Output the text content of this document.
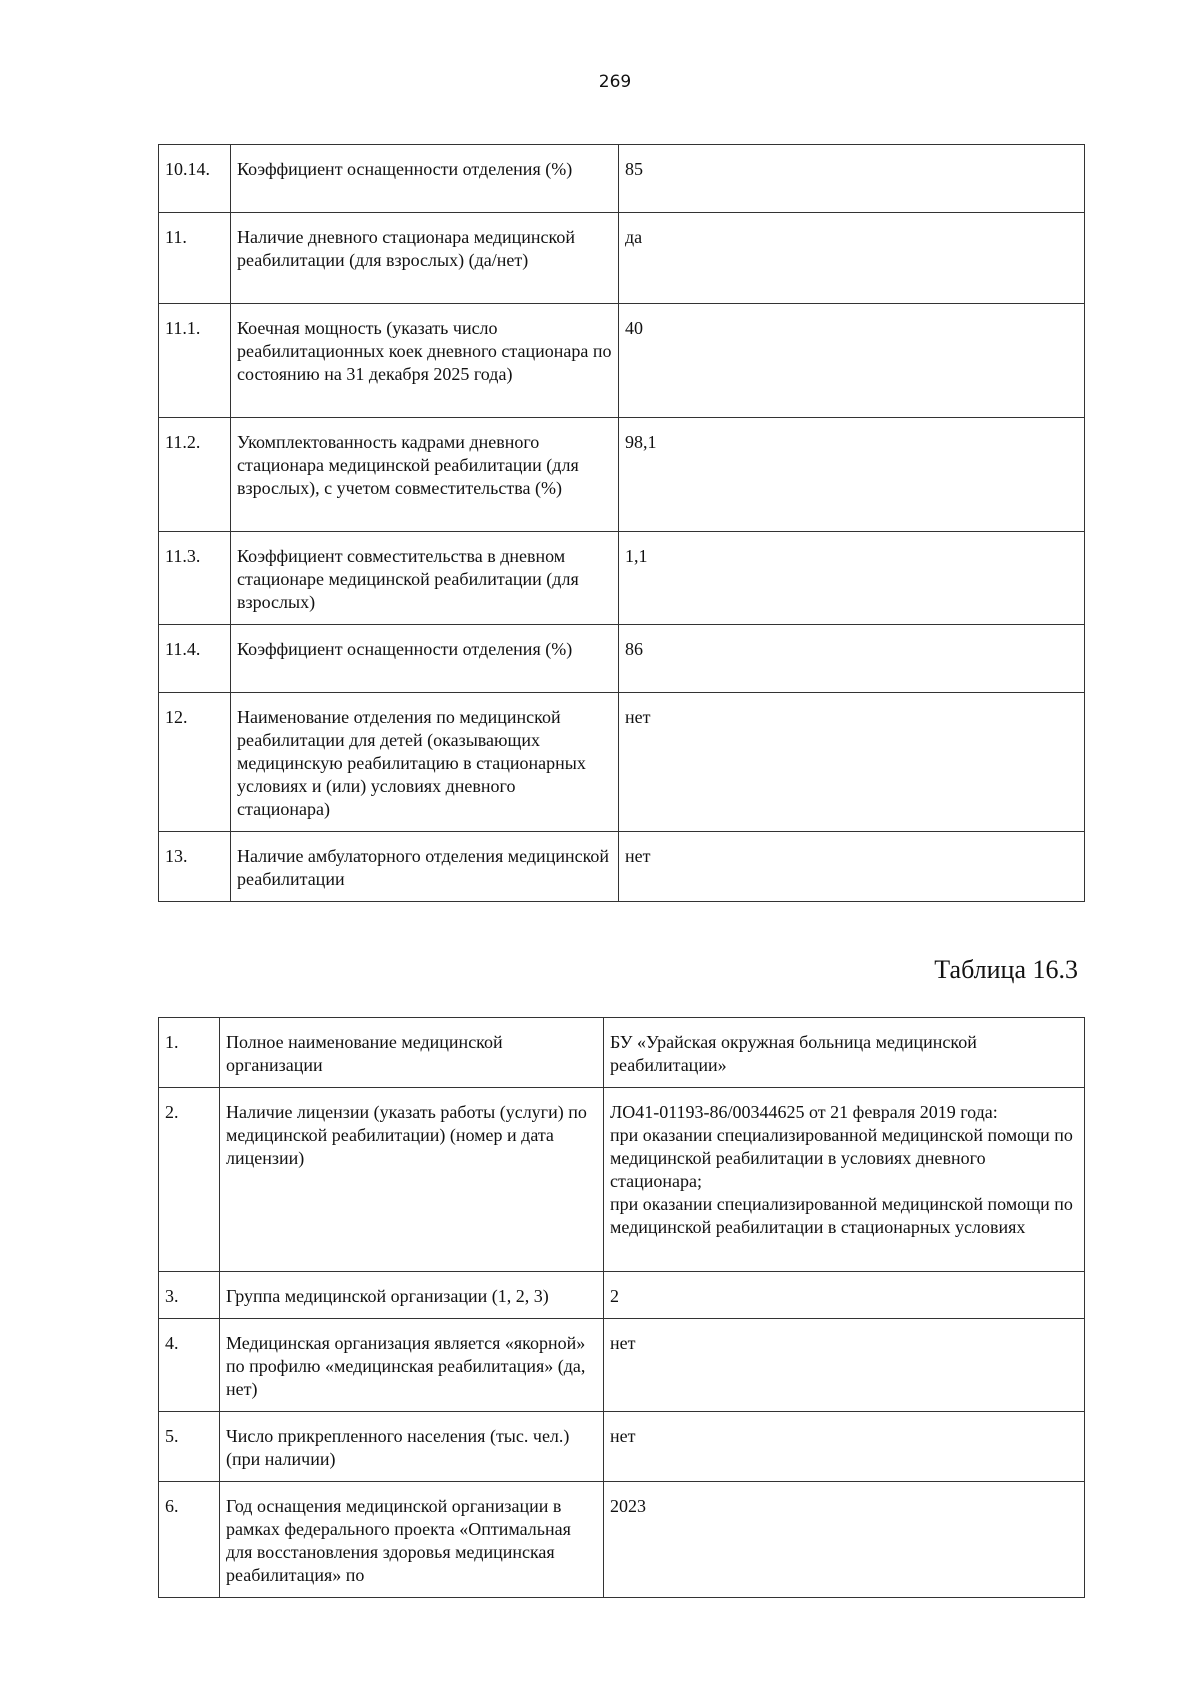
269
10.14.	Коэффициент оснащенности отделения (%)	85
11.	Наличие дневного стационара медицинской реабилитации (для взрослых) (да/нет)	да
11.1.	Коечная мощность (указать число реабилитационных коек дневного стационара по состоянию на 31 декабря 2025 года)	40
11.2.	Укомплектованность кадрами дневного стационара медицинской реабилитации (для взрослых), с учетом совместительства (%)	98,1
11.3.	Коэффициент совместительства в дневном стационаре медицинской реабилитации (для взрослых)	1,1
11.4.	Коэффициент оснащенности отделения (%)	86
12.	Наименование отделения по медицинской реабилитации для детей (оказывающих медицинскую реабилитацию в стационарных условиях и (или) условиях дневного стационара)	нет
13.	Наличие амбулаторного отделения медицинской реабилитации	нет
Таблица 16.3
1.	Полное наименование медицинской организации	БУ «Урайская окружная больница медицинской реабилитации»
2.	Наличие лицензии (указать работы (услуги) по медицинской реабилитации) (номер и дата лицензии)	ЛО41-01193-86/00344625 от 21 февраля 2019 года:
при оказании специализированной медицинской помощи по медицинской реабилитации в условиях дневного стационара;
при оказании специализированной медицинской помощи по медицинской реабилитации в стационарных условиях
3.	Группа медицинской организации (1, 2, 3)	2
4.	Медицинская организация является «якорной» по профилю «медицинская реабилитация» (да, нет)	нет
5.	Число прикрепленного населения (тыс. чел.) (при наличии)	нет
6.	Год оснащения медицинской организации в рамках федерального проекта «Оптимальная для восстановления здоровья медицинская реабилитация» по	2023
